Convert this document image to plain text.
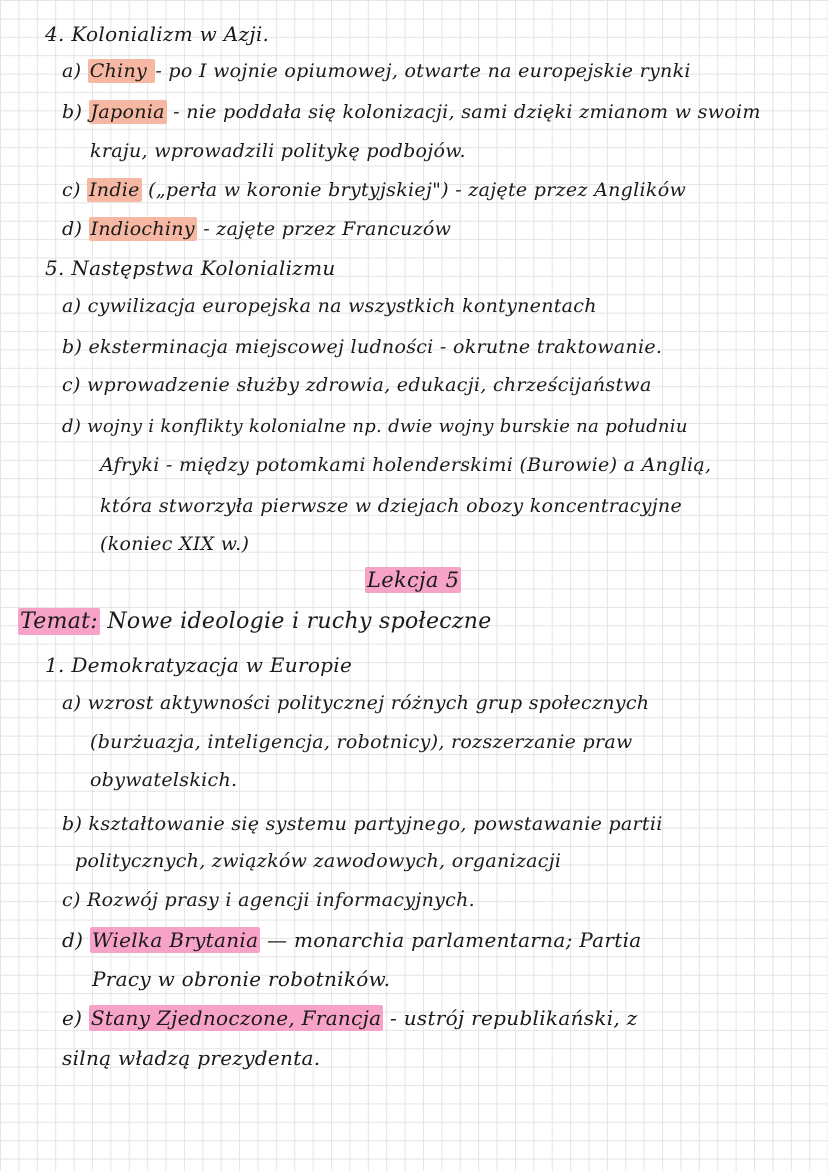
4. Kolonializm w Azji.
a) Chiny - po I wojnie opiumowej, otwarte na europejskie rynki
b) Japonia - nie poddała się kolonizacji, sami dzięki zmianom w swoim
kraju, wprowadzili politykę podbojów.
c) Indie („perła w koronie brytyjskiej") - zajęte przez Anglików
d) Indiochiny - zajęte przez Francuzów
5. Następstwa Kolonializmu
a) cywilizacja europejska na wszystkich kontynentach
b) eksterminacja miejscowej ludności - okrutne traktowanie.
c) wprowadzenie służby zdrowia, edukacji, chrześcijaństwa
d) wojny i konflikty kolonialne np. dwie wojny burskie na południu
Afryki - między potomkami holenderskimi (Burowie) a Anglią,
która stworzyła pierwsze w dziejach obozy koncentracyjne
(koniec XIX w.)
Lekcja 5
Temat: Nowe ideologie i ruchy społeczne
1. Demokratyzacja w Europie
a) wzrost aktywności politycznej różnych grup społecznych
(burżuazja, inteligencja, robotnicy), rozszerzanie praw
obywatelskich.
b) kształtowanie się systemu partyjnego, powstawanie partii
politycznych, związków zawodowych, organizacji
c) Rozwój prasy i agencji informacyjnych.
d) Wielka Brytania — monarchia parlamentarna; Partia
Pracy w obronie robotników.
e) Stany Zjednoczone, Francja - ustrój republikański, z
silną władzą prezydenta.
